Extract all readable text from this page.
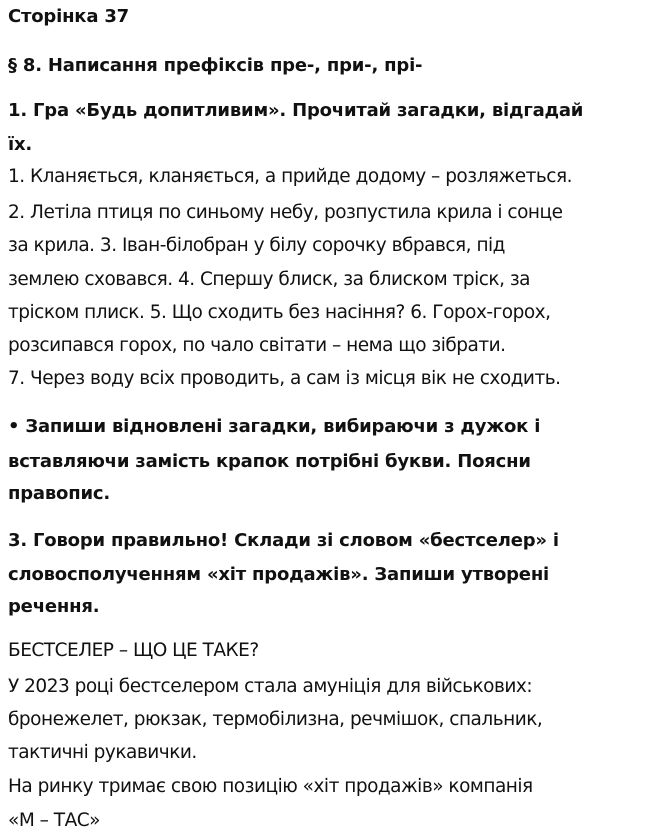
Сторінка 37
§ 8. Написання префіксів пре-, при-, прі-
1. Гра «Будь допитливим». Прочитай загадки, відгадай
їх.
1. Кланяється, кланяється, а прийде додому – розляжеться.
2. Летіла птиця по синьому небу, розпустила крила і сонце
за крила. 3. Іван-білобран у білу сорочку вбрався, під
землею сховався. 4. Спершу блиск, за блиском тріск, за
тріском плиск. 5. Що сходить без насіння? 6. Горох-горох,
розсипався горох, по чало світати – нема що зібрати.
7. Через воду всіх проводить, а сам із місця вік не сходить.
• Запиши відновлені загадки, вибираючи з дужок і
вставляючи замість крапок потрібні букви. Поясни
правопис.
3. Говори правильно! Склади зі словом «бестселер» і
словосполученням «хіт продажів». Запиши утворені
речення.
БЕСТСЕЛЕР – ЩО ЦЕ ТАКЕ?
У 2023 році бестселером стала амуніція для військових:
бронежелет, рюкзак, термобілизна, речмішок, спальник,
тактичні рукавички.
На ринку тримає свою позицію «хіт продажів» компанія
«М – ТАС»
